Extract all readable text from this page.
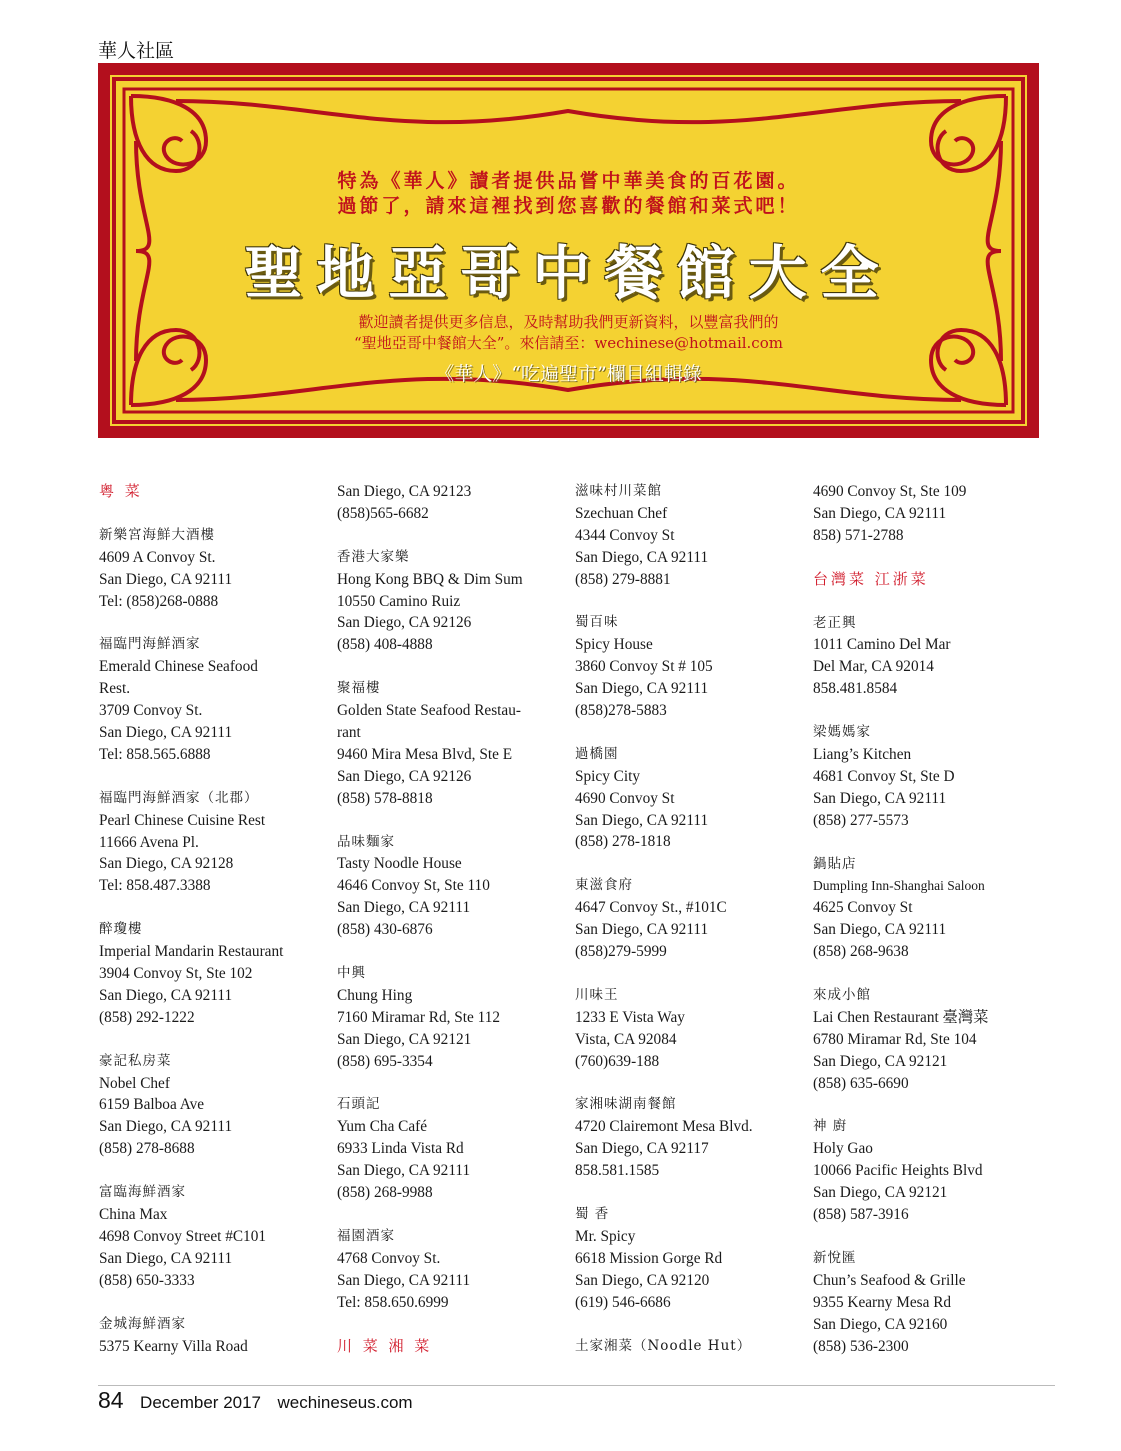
華人社區
特為《華人》讀者提供品嘗中華美食的百花園。
過節了，請來這裡找到您喜歡的餐館和菜式吧！
聖地亞哥中餐館大全
歡迎讀者提供更多信息，及時幫助我們更新資料，以豐富我們的
“聖地亞哥中餐館大全”。來信請至：wechinese@hotmail.com
《華人》“吃遍聖市”欄目組輯錄
粵 菜
新樂宮海鮮大酒樓
4609 A Convoy St.
San Diego, CA 92111
Tel: (858)268-0888
福臨門海鮮酒家
Emerald Chinese Seafood
Rest.
3709 Convoy St.
San Diego, CA 92111
Tel: 858.565.6888
福臨門海鮮酒家（北郡）
Pearl Chinese Cuisine Rest
11666 Avena Pl.
San Diego, CA 92128
Tel: 858.487.3388
醉瓊樓
Imperial Mandarin Restaurant
3904 Convoy St, Ste 102
San Diego, CA 92111
(858) 292-1222
豪記私房菜
Nobel Chef
6159 Balboa Ave
San Diego, CA 92111
(858) 278-8688
富臨海鮮酒家
China Max
4698 Convoy Street #C101
San Diego, CA 92111
(858) 650-3333
金城海鮮酒家
5375 Kearny Villa Road
San Diego, CA 92123
(858)565-6682
香港大家樂
Hong Kong BBQ & Dim Sum
10550 Camino Ruiz
San Diego, CA 92126
(858) 408-4888
聚福樓
Golden State Seafood Restau-
rant
9460 Mira Mesa Blvd, Ste E
San Diego, CA 92126
(858) 578-8818
品味麵家
Tasty Noodle House
4646 Convoy St, Ste 110
San Diego, CA 92111
(858) 430-6876
中興
Chung Hing
7160 Miramar Rd, Ste 112
San Diego, CA 92121
(858) 695-3354
石頭記
Yum Cha Café
6933 Linda Vista Rd
San Diego, CA 92111
(858) 268-9988
福園酒家
4768 Convoy St.
San Diego, CA 92111
Tel: 858.650.6999
川 菜 湘 菜
滋味村川菜館
Szechuan Chef
4344 Convoy St
San Diego, CA 92111
(858) 279-8881
蜀百味
Spicy House
3860 Convoy St # 105
San Diego, CA 92111
(858)278-5883
過橋園
Spicy City
4690 Convoy St
San Diego, CA 92111
(858) 278-1818
東滋食府
4647 Convoy St., #101C
San Diego, CA 92111
(858)279-5999
川味王
1233 E Vista Way
Vista, CA 92084
(760)639-188
家湘味湖南餐館
4720 Clairemont Mesa Blvd.
San Diego, CA 92117
858.581.1585
蜀 香
Mr. Spicy
6618 Mission Gorge Rd
San Diego, CA 92120
(619) 546-6686
土家湘菜（Noodle Hut）
4690 Convoy St, Ste 109
San Diego, CA 92111
858) 571-2788
台灣菜 江浙菜
老正興
1011 Camino Del Mar
Del Mar, CA 92014
858.481.8584
梁媽媽家
Liang’s Kitchen
4681 Convoy St, Ste D
San Diego, CA 92111
(858) 277-5573
鍋貼店
Dumpling Inn-Shanghai Saloon
4625 Convoy St
San Diego, CA 92111
(858) 268-9638
來成小館
Lai Chen Restaurant 臺灣菜
6780 Miramar Rd, Ste 104
San Diego, CA 92121
(858) 635-6690
神 廚
Holy Gao
10066 Pacific Heights Blvd
San Diego, CA 92121
(858) 587-3916
新悅匯
Chun’s Seafood & Grille
9355 Kearny Mesa Rd
San Diego, CA 92160
(858) 536-2300
84 December 2017 wechineseus.com
